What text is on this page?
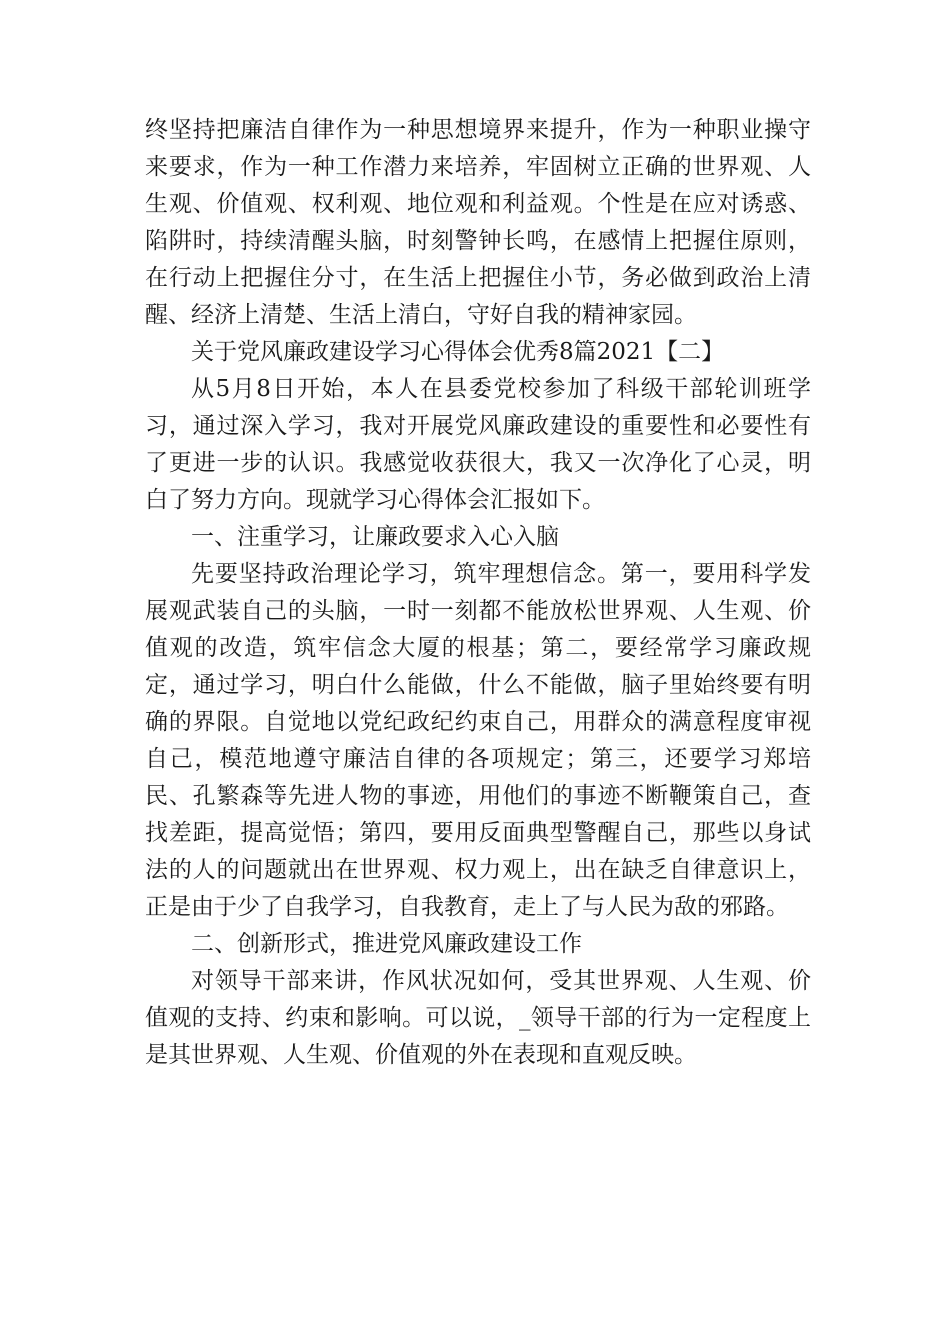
终坚持把廉洁自律作为一种思想境界来提升，作为一种职业操守来要求，作为一种工作潜力来培养，牢固树立正确的世界观、人生观、价值观、权利观、地位观和利益观。个性是在应对诱惑、陷阱时，持续清醒头脑，时刻警钟长鸣，在感情上把握住原则，在行动上把握住分寸，在生活上把握住小节，务必做到政治上清醒、经济上清楚、生活上清白，守好自我的精神家园。

关于党风廉政建设学习心得体会优秀8篇2021【二】

从5月8日开始，本人在县委党校参加了科级干部轮训班学习，通过深入学习，我对开展党风廉政建设的重要性和必要性有了更进一步的认识。我感觉收获很大，我又一次净化了心灵，明白了努力方向。现就学习心得体会汇报如下。

一、注重学习，让廉政要求入心入脑

先要坚持政治理论学习，筑牢理想信念。第一，要用科学发展观武装自己的头脑，一时一刻都不能放松世界观、人生观、价值观的改造，筑牢信念大厦的根基；第二，要经常学习廉政规定，通过学习，明白什么能做，什么不能做，脑子里始终要有明确的界限。自觉地以党纪政纪约束自己，用群众的满意程度审视自己，模范地遵守廉洁自律的各项规定；第三，还要学习郑培民、孔繁森等先进人物的事迹，用他们的事迹不断鞭策自己，查找差距，提高觉悟；第四，要用反面典型警醒自己，那些以身试法的人的问题就出在世界观、权力观上，出在缺乏自律意识上，正是由于少了自我学习，自我教育，走上了与人民为敌的邪路。

二、创新形式，推进党风廉政建设工作

对领导干部来讲，作风状况如何，受其世界观、人生观、价值观的支持、约束和影响。可以说，_领导干部的行为一定程度上是其世界观、人生观、价值观的外在表现和直观反映。
